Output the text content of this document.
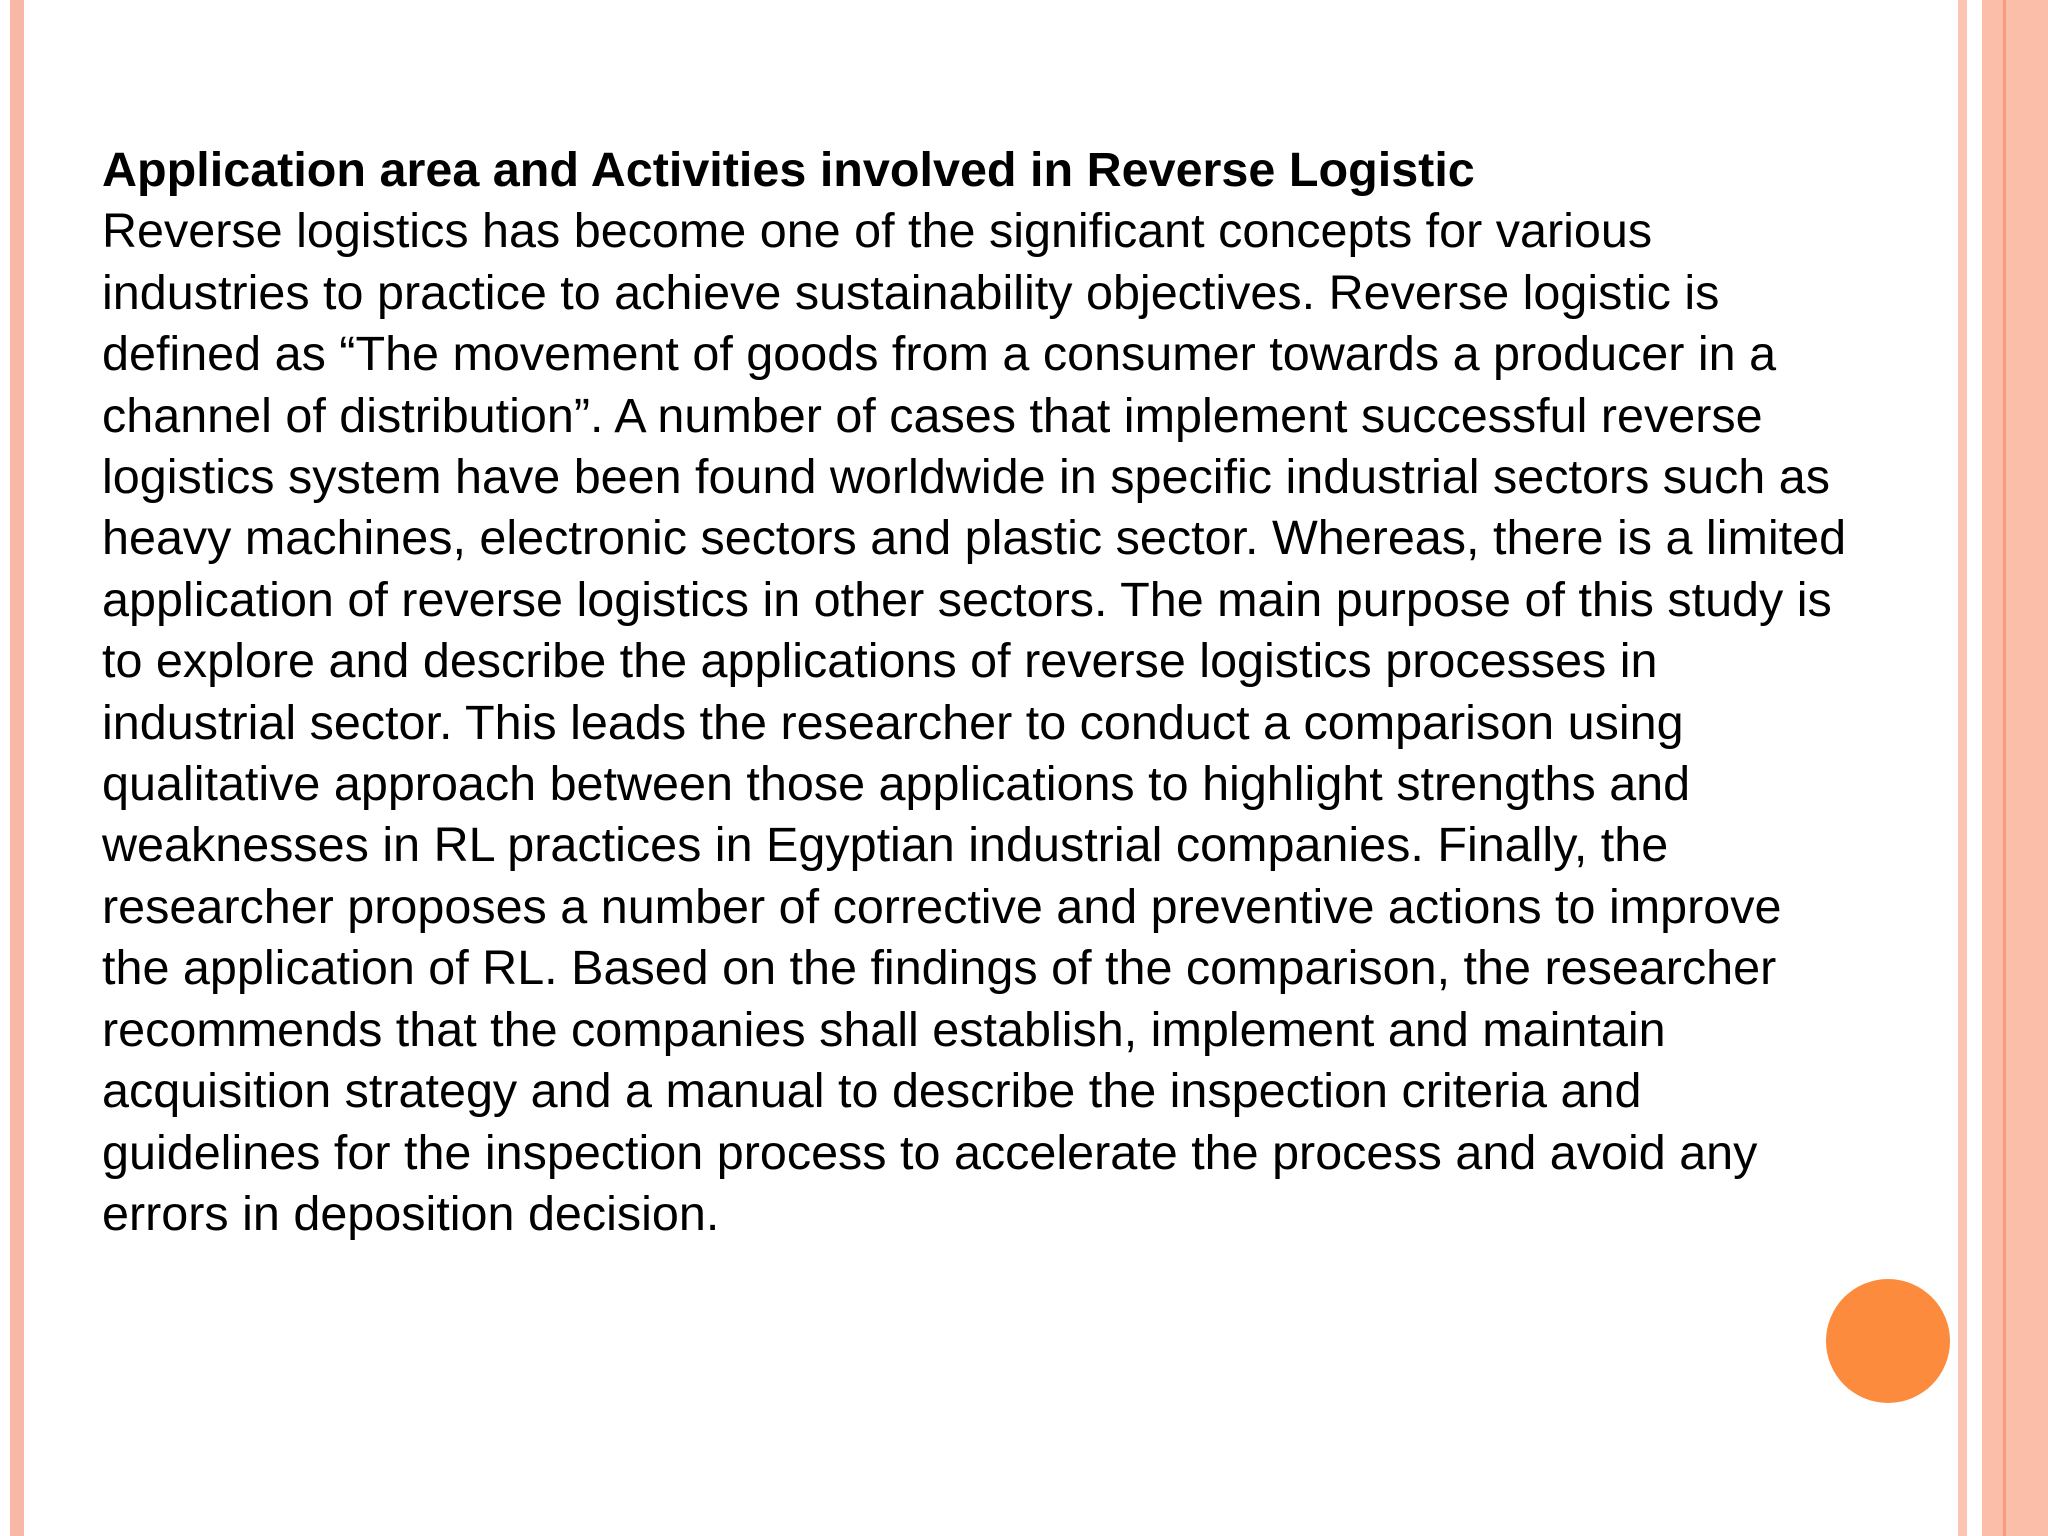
Application area and Activities involved in Reverse Logistic
Reverse logistics has become one of the significant concepts for various
industries to practice to achieve sustainability objectives. Reverse logistic is
defined as “The movement of goods from a consumer towards a producer in a
channel of distribution”. A number of cases that implement successful reverse
logistics system have been found worldwide in specific industrial sectors such as
heavy machines, electronic sectors and plastic sector. Whereas, there is a limited
application of reverse logistics in other sectors. The main purpose of this study is
to explore and describe the applications of reverse logistics processes in
industrial sector. This leads the researcher to conduct a comparison using
qualitative approach between those applications to highlight strengths and
weaknesses in RL practices in Egyptian industrial companies. Finally, the
researcher proposes a number of corrective and preventive actions to improve
the application of RL. Based on the findings of the comparison, the researcher
recommends that the companies shall establish, implement and maintain
acquisition strategy and a manual to describe the inspection criteria and
guidelines for the inspection process to accelerate the process and avoid any
errors in deposition decision.
